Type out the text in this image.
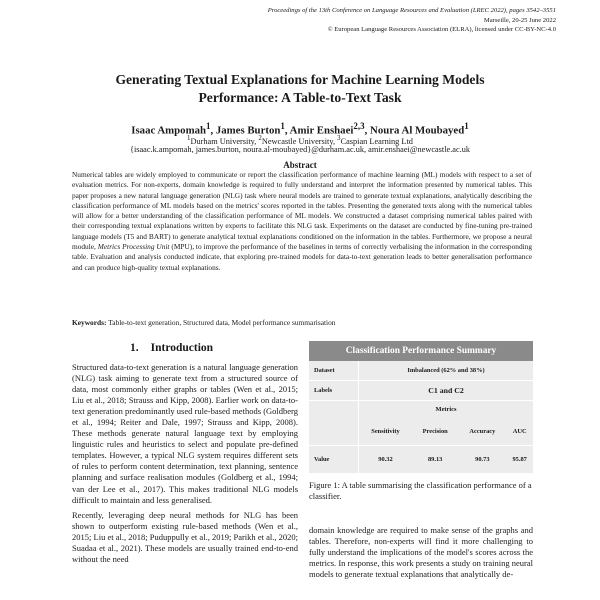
Proceedings of the 13th Conference on Language Resources and Evaluation (LREC 2022), pages 3542–3551
Marseille, 20-25 June 2022
© European Language Resources Association (ELRA), licensed under CC-BY-NC-4.0
Generating Textual Explanations for Machine Learning Models
Performance: A Table-to-Text Task
Isaac Ampomah$^1$, James Burton$^1$, Amir Enshaei$^{2,3}$, Noura Al Moubayed$^1$
$^1$Durham University, $^2$Newcastle University, $^3$Caspian Learning Ltd
{isaac.k.ampomah, james.burton, noura.al-moubayed}@durham.ac.uk, amir.enshaei@newcastle.ac.uk
Abstract
Numerical tables are widely employed to communicate or report the classification performance of machine learning (ML) models with respect to a set of evaluation metrics. For non-experts, domain knowledge is required to fully understand and interpret the information presented by numerical tables. This paper proposes a new natural language generation (NLG) task where neural models are trained to generate textual explanations, analytically describing the classification performance of ML models based on the metrics' scores reported in the tables. Presenting the generated texts along with the numerical tables will allow for a better understanding of the classification performance of ML models. We constructed a dataset comprising numerical tables paired with their corresponding textual explanations written by experts to facilitate this NLG task. Experiments on the dataset are conducted by fine-tuning pre-trained language models (T5 and BART) to generate analytical textual explanations conditioned on the information in the tables. Furthermore, we propose a neural module, Metrics Processing Unit (MPU), to improve the performance of the baselines in terms of correctly verbalising the information in the corresponding table. Evaluation and analysis conducted indicate, that exploring pre-trained models for data-to-text generation leads to better generalisation performance and can produce high-quality textual explanations.
Keywords: Table-to-text generation, Structured data, Model performance summarisation
1. Introduction

Structured data-to-text generation is a natural language generation (NLG) task aiming to generate text from a structured source of data, most commonly either graphs or tables (Wen et al., 2015; Liu et al., 2018; Strauss and Kipp, 2008). Earlier work on data-to-text generation predominantly used rule-based methods (Goldberg et al., 1994; Reiter and Dale, 1997; Strauss and Kipp, 2008). These methods generate natural language text by employing linguistic rules and heuristics to select and populate pre-defined templates. However, a typical NLG system requires different sets of rules to perform content determination, text planning, sentence planning and surface realisation modules (Goldberg et al., 1994; van der Lee et al., 2017). This makes traditional NLG models difficult to maintain and less generalised.

Recently, leveraging deep neural methods for NLG has been shown to outperform existing rule-based methods (Wen et al., 2015; Liu et al., 2018; Puduppully et al., 2019; Parikh et al., 2020; Suadaa et al., 2021). These models are usually trained end-to-end without the need

Classification Performance Summary				
Dataset	Imbalanced (62% and 38%)			
Labels	C1 and C2			
	Metrics			
	Sensitivity	Precision	Accuracy	AUC
Value	90.32	89.13	90.73	95.87
Figure 1: A table summarising the classification performance of a classifier.
domain knowledge are required to make sense of the graphs and tables. Therefore, non-experts will find it more challenging to fully understand the implications of the model's scores across the metrics. In response, this work presents a study on training neural models to generate textual explanations that analytically de-
